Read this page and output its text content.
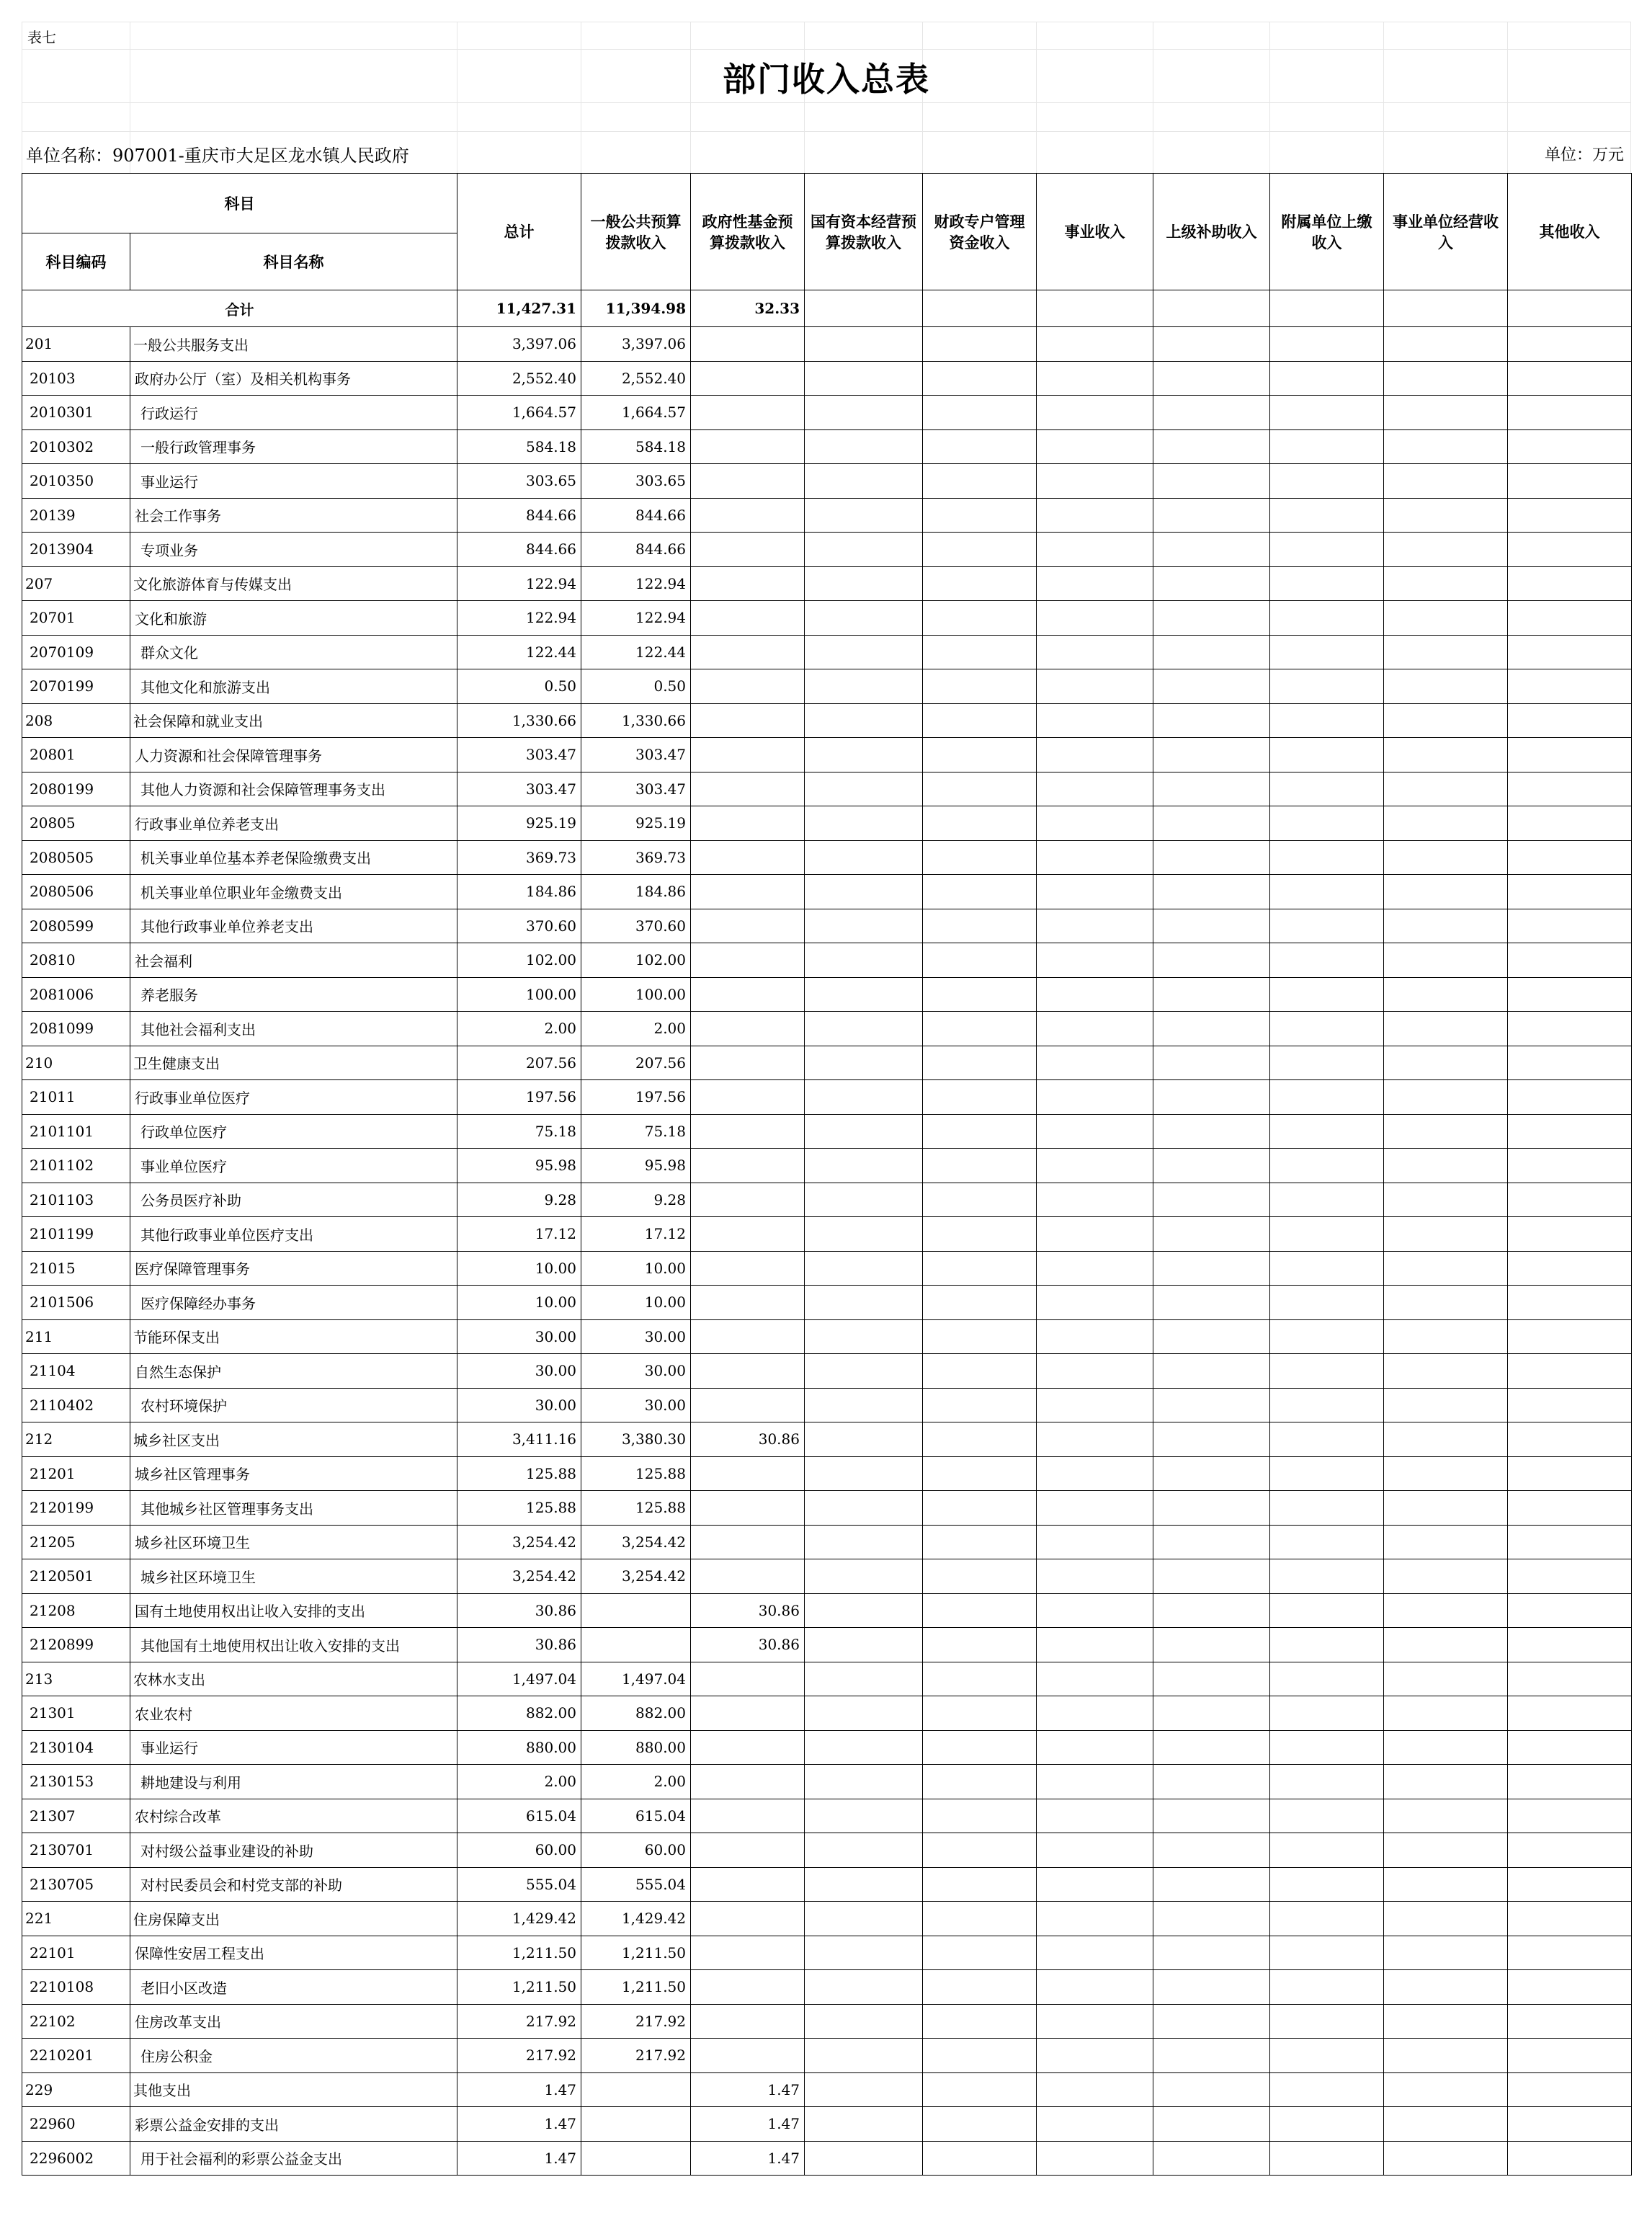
表七
部门收入总表
单位名称：907001-重庆市大足区龙水镇人民政府	单位：万元
科目		总计	一般公共预算拨款收入	政府性基金预算拨款收入	国有资本经营预算拨款收入	财政专户管理资金收入	事业收入	上级补助收入	附属单位上缴收入	事业单位经营收入	其他收入
科目编码	科目名称										
合计		11,427.31	11,394.98	32.33							
201	一般公共服务支出	3,397.06	3,397.06								
20103	政府办公厅（室）及相关机构事务	2,552.40	2,552.40								
2010301	行政运行	1,664.57	1,664.57								
2010302	一般行政管理事务	584.18	584.18								
2010350	事业运行	303.65	303.65								
20139	社会工作事务	844.66	844.66								
2013904	专项业务	844.66	844.66								
207	文化旅游体育与传媒支出	122.94	122.94								
20701	文化和旅游	122.94	122.94								
2070109	群众文化	122.44	122.44								
2070199	其他文化和旅游支出	0.50	0.50								
208	社会保障和就业支出	1,330.66	1,330.66								
20801	人力资源和社会保障管理事务	303.47	303.47								
2080199	其他人力资源和社会保障管理事务支出	303.47	303.47								
20805	行政事业单位养老支出	925.19	925.19								
2080505	机关事业单位基本养老保险缴费支出	369.73	369.73								
2080506	机关事业单位职业年金缴费支出	184.86	184.86								
2080599	其他行政事业单位养老支出	370.60	370.60								
20810	社会福利	102.00	102.00								
2081006	养老服务	100.00	100.00								
2081099	其他社会福利支出	2.00	2.00								
210	卫生健康支出	207.56	207.56								
21011	行政事业单位医疗	197.56	197.56								
2101101	行政单位医疗	75.18	75.18								
2101102	事业单位医疗	95.98	95.98								
2101103	公务员医疗补助	9.28	9.28								
2101199	其他行政事业单位医疗支出	17.12	17.12								
21015	医疗保障管理事务	10.00	10.00								
2101506	医疗保障经办事务	10.00	10.00								
211	节能环保支出	30.00	30.00								
21104	自然生态保护	30.00	30.00								
2110402	农村环境保护	30.00	30.00								
212	城乡社区支出	3,411.16	3,380.30	30.86							
21201	城乡社区管理事务	125.88	125.88								
2120199	其他城乡社区管理事务支出	125.88	125.88								
21205	城乡社区环境卫生	3,254.42	3,254.42								
2120501	城乡社区环境卫生	3,254.42	3,254.42								
21208	国有土地使用权出让收入安排的支出	30.86		30.86							
2120899	其他国有土地使用权出让收入安排的支出	30.86		30.86							
213	农林水支出	1,497.04	1,497.04								
21301	农业农村	882.00	882.00								
2130104	事业运行	880.00	880.00								
2130153	耕地建设与利用	2.00	2.00								
21307	农村综合改革	615.04	615.04								
2130701	对村级公益事业建设的补助	60.00	60.00								
2130705	对村民委员会和村党支部的补助	555.04	555.04								
221	住房保障支出	1,429.42	1,429.42								
22101	保障性安居工程支出	1,211.50	1,211.50								
2210108	老旧小区改造	1,211.50	1,211.50								
22102	住房改革支出	217.92	217.92								
2210201	住房公积金	217.92	217.92								
229	其他支出	1.47		1.47							
22960	彩票公益金安排的支出	1.47		1.47							
2296002	用于社会福利的彩票公益金支出	1.47		1.47							
